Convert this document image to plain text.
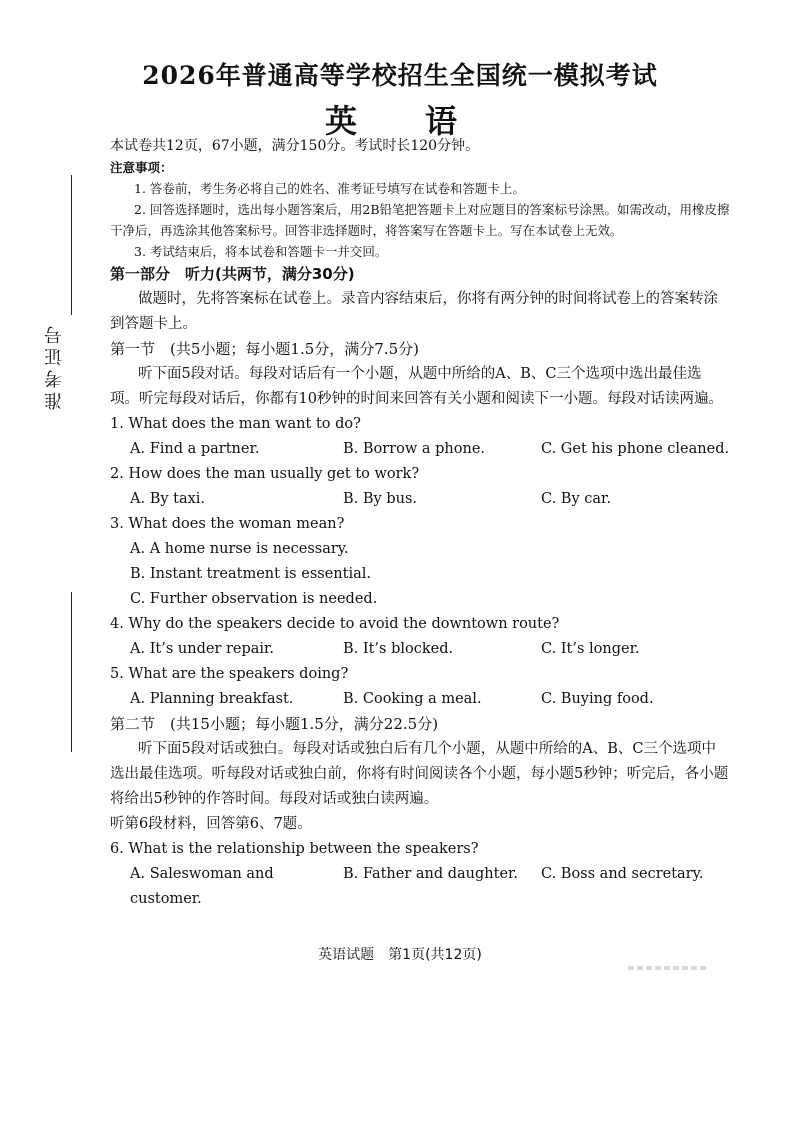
准考证号
2026年普通高等学校招生全国统一模拟考试
英　语

本试卷共12页，67小题，满分150分。考试时长120分钟。

注意事项：

1. 答卷前，考生务必将自己的姓名、准考证号填写在试卷和答题卡上。

2. 回答选择题时，选出每小题答案后，用2B铅笔把答题卡上对应题目的答案标号涂黑。如需改动，用橡皮擦干净后，再选涂其他答案标号。回答非选择题时，将答案写在答题卡上。写在本试卷上无效。

3. 考试结束后，将本试卷和答题卡一并交回。

第一部分　听力(共两节，满分30分)

做题时，先将答案标在试卷上。录音内容结束后，你将有两分钟的时间将试卷上的答案转涂到答题卡上。

第一节　(共5小题；每小题1.5分，满分7.5分)

听下面5段对话。每段对话后有一个小题，从题中所给的A、B、C三个选项中选出最佳选项。听完每段对话后，你都有10秒钟的时间来回答有关小题和阅读下一小题。每段对话读两遍。

1. What does the man want to do?

A. Find a partner.	B. Borrow a phone.	C. Get his phone cleaned.

2. How does the man usually get to work?

A. By taxi.	B. By bus.	C. By car.

3. What does the woman mean?

A. A home nurse is necessary.

B. Instant treatment is essential.

C. Further observation is needed.

4. Why do the speakers decide to avoid the downtown route?

A. It’s under repair.	B. It’s blocked.	C. It’s longer.

5. What are the speakers doing?

A. Planning breakfast.	B. Cooking a meal.	C. Buying food.

第二节　(共15小题；每小题1.5分，满分22.5分)

听下面5段对话或独白。每段对话或独白后有几个小题，从题中所给的A、B、C三个选项中选出最佳选项。听每段对话或独白前，你将有时间阅读各个小题，每小题5秒钟；听完后，各小题将给出5秒钟的作答时间。每段对话或独白读两遍。

听第6段材料，回答第6、7题。

6. What is the relationship between the speakers?

A. Saleswoman and customer.
B. Father and daughter.	C. Boss and secretary.
英语试题　第1页(共12页)
